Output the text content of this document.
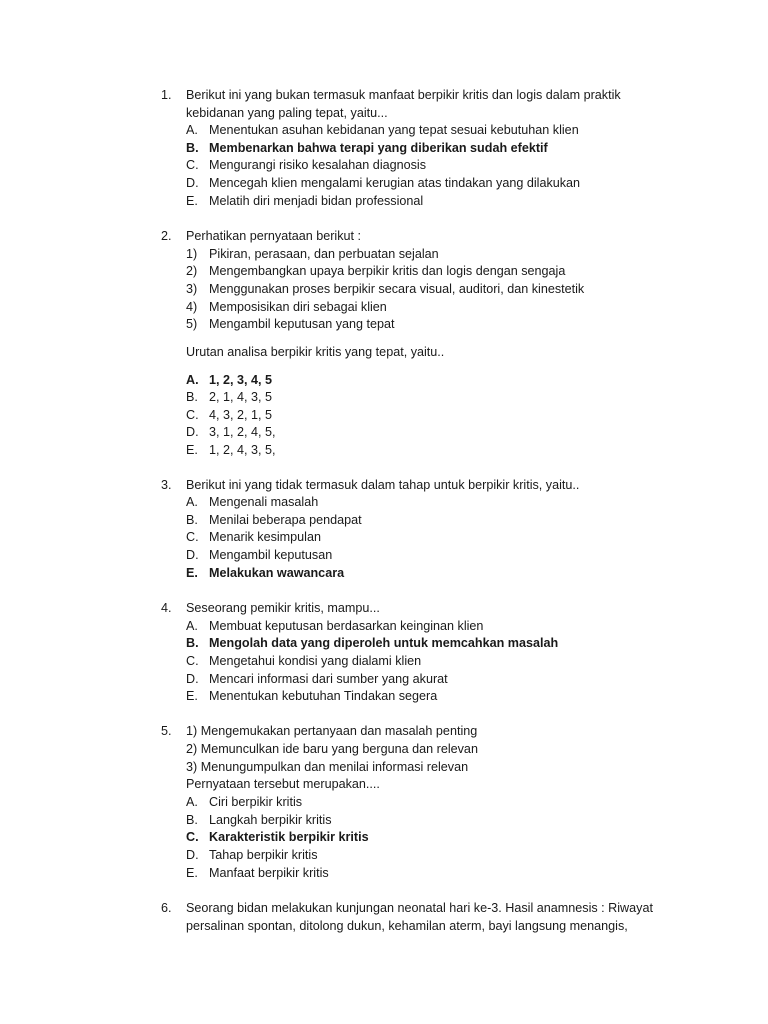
1. Berikut ini yang bukan termasuk manfaat berpikir kritis dan logis dalam praktik
kebidanan yang paling tepat, yaitu...
A. Menentukan asuhan kebidanan yang tepat sesuai kebutuhan klien
B. Membenarkan bahwa terapi yang diberikan sudah efektif
C. Mengurangi risiko kesalahan diagnosis
D. Mencegah klien mengalami kerugian atas tindakan yang dilakukan
E. Melatih diri menjadi bidan professional
2. Perhatikan pernyataan berikut :
1) Pikiran, perasaan, dan perbuatan sejalan
2) Mengembangkan upaya berpikir kritis dan logis dengan sengaja
3) Menggunakan proses berpikir secara visual, auditori, dan kinestetik
4) Memposisikan diri sebagai klien
5) Mengambil keputusan yang tepat
Urutan analisa berpikir kritis yang tepat, yaitu..
A. 1, 2, 3, 4, 5
B. 2, 1, 4, 3, 5
C. 4, 3, 2, 1, 5
D. 3, 1, 2, 4, 5,
E. 1, 2, 4, 3, 5,
3. Berikut ini yang tidak termasuk dalam tahap untuk berpikir kritis, yaitu..
A. Mengenali masalah
B. Menilai beberapa pendapat
C. Menarik kesimpulan
D. Mengambil keputusan
E. Melakukan wawancara
4. Seseorang pemikir kritis, mampu...
A. Membuat keputusan berdasarkan keinginan klien
B. Mengolah data yang diperoleh untuk memcahkan masalah
C. Mengetahui kondisi yang dialami klien
D. Mencari informasi dari sumber yang akurat
E. Menentukan kebutuhan Tindakan segera
5. 1) Mengemukakan pertanyaan dan masalah penting
2) Memunculkan ide baru yang berguna dan relevan
3) Menungumpulkan dan menilai informasi relevan
Pernyataan tersebut merupakan....
A. Ciri berpikir kritis
B. Langkah berpikir kritis
C. Karakteristik berpikir kritis
D. Tahap berpikir kritis
E. Manfaat berpikir kritis
6. Seorang bidan melakukan kunjungan neonatal hari ke-3. Hasil anamnesis : Riwayat
persalinan spontan, ditolong dukun, kehamilan aterm, bayi langsung menangis,
